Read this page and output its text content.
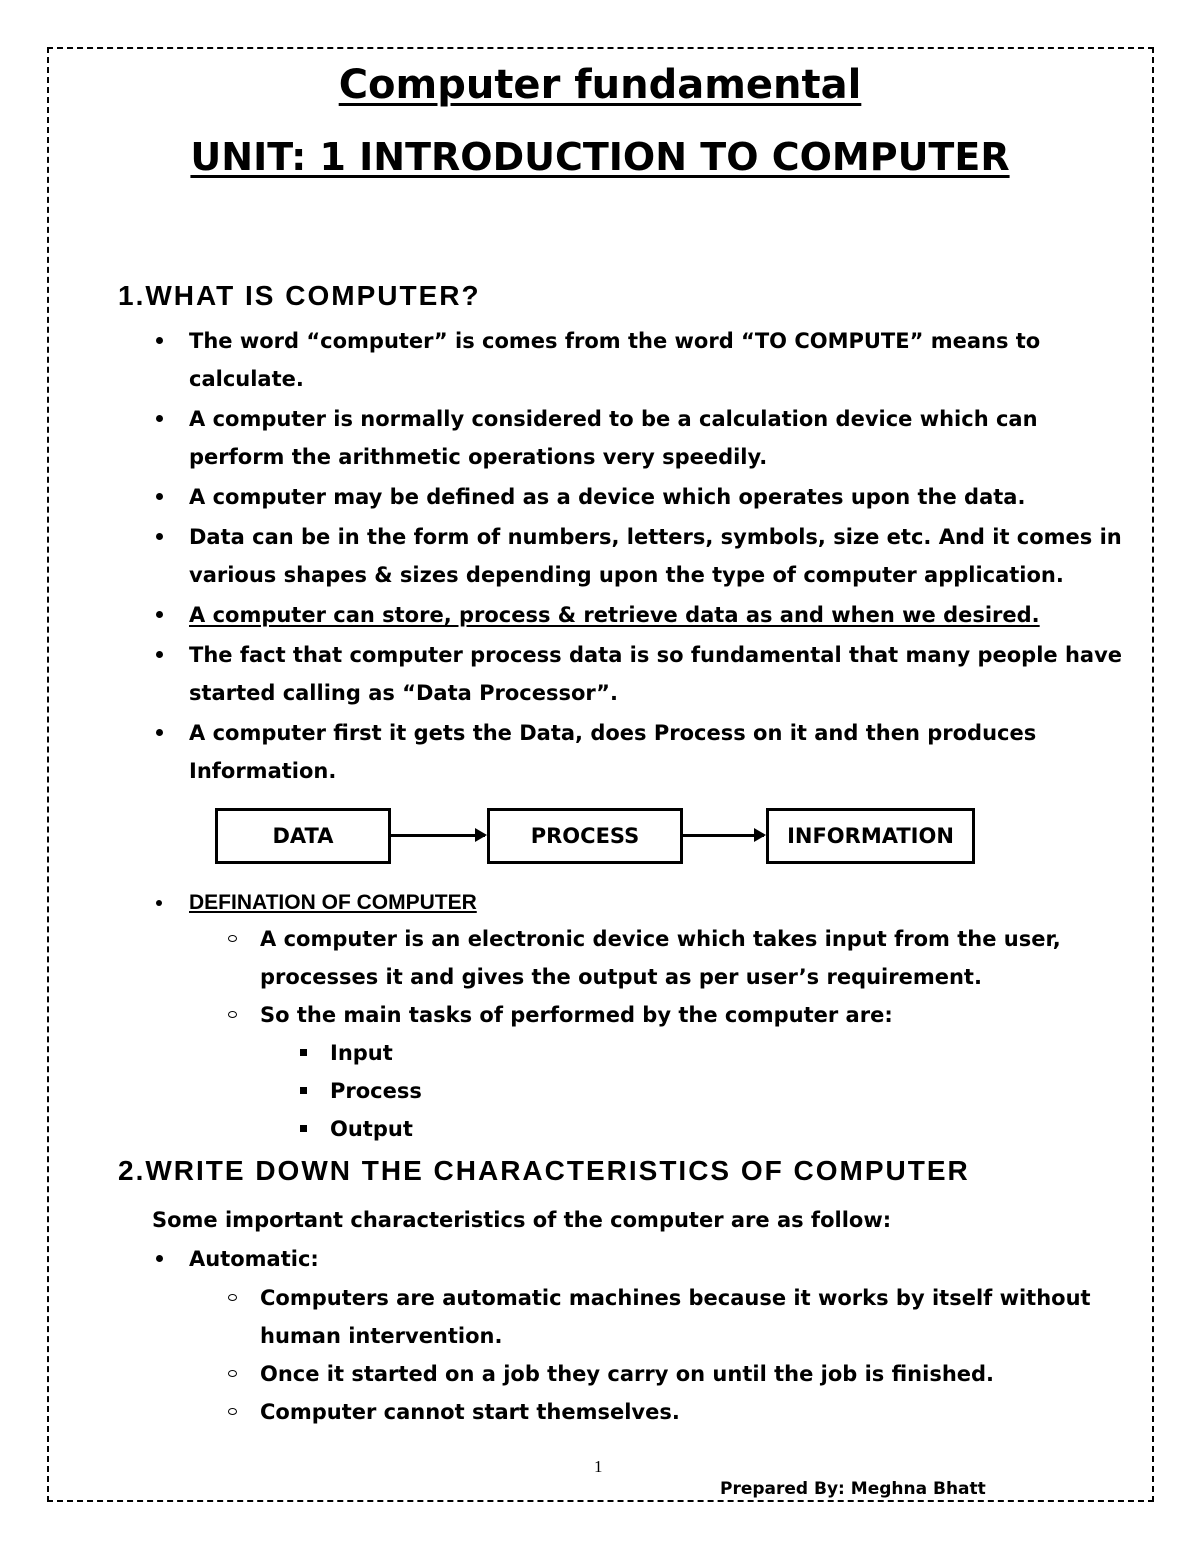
Computer fundamental
UNIT: 1 INTRODUCTION TO COMPUTER
1.WHAT IS COMPUTER?
The word “computer” is comes from the word “TO COMPUTE” means to calculate.
A computer is normally considered to be a calculation device which can perform the arithmetic operations very speedily.
A computer may be defined as a device which operates upon the data.
Data can be in the form of numbers, letters, symbols, size etc. And it comes in various shapes & sizes depending upon the type of computer application.
A computer can store, process & retrieve data as and when we desired.
The fact that computer process data is so fundamental that many people have started calling as “Data Processor”.
A computer first it gets the Data, does Process on it and then produces Information.
DATA	PROCESS	INFORMATION
DEFINATION OF COMPUTER
A computer is an electronic device which takes input from the user, processes it and gives the output as per user’s requirement.
So the main tasks of performed by the computer are:
Input
Process
Output
2.WRITE DOWN THE CHARACTERISTICS OF COMPUTER

Some important characteristics of the computer are as follow:

Automatic:
Computers are automatic machines because it works by itself without human intervention.
Once it started on a job they carry on until the job is finished.
Computer cannot start themselves.
1
Prepared By: Meghna Bhatt
